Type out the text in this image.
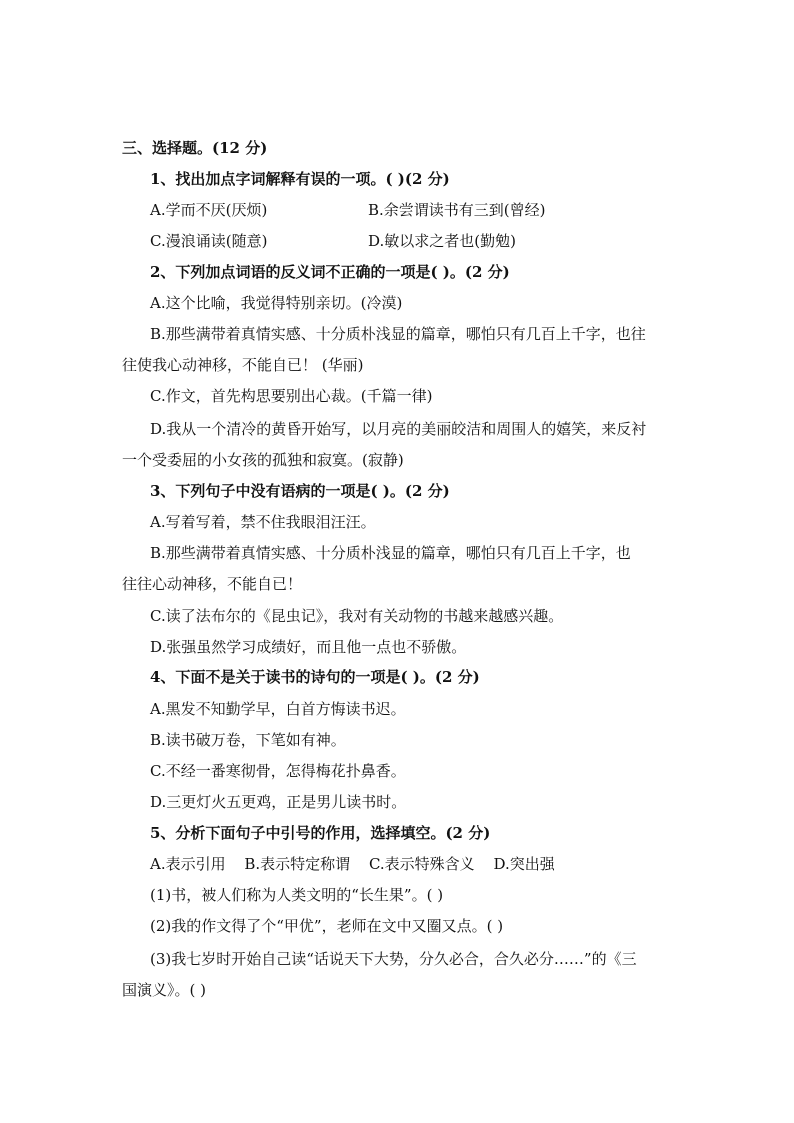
三、选择题。(12 分)
1、找出加点字词解释有误的一项。( )(2 分)
A.学而不厌(厌烦)	B.余尝谓读书有三到(曾经)
C.漫浪诵读(随意)	D.敏以求之者也(勤勉)
2、下列加点词语的反义词不正确的一项是( )。(2 分)
A.这个比喻，我觉得特别亲切。(冷漠)
B.那些满带着真情实感、十分质朴浅显的篇章，哪怕只有几百上千字，也往
往使我心动神移，不能自已！ (华丽)
C.作文，首先构思要别出心裁。(千篇一律)
D.我从一个清冷的黄昏开始写，以月亮的美丽皎洁和周围人的嬉笑，来反衬
一个受委屈的小女孩的孤独和寂寞。(寂静)
3、下列句子中没有语病的一项是( )。(2 分)
A.写着写着，禁不住我眼泪汪汪。
B.那些满带着真情实感、十分质朴浅显的篇章，哪怕只有几百上千字，也
往往心动神移，不能自已！
C.读了法布尔的《昆虫记》，我对有关动物的书越来越感兴趣。
D.张强虽然学习成绩好，而且他一点也不骄傲。
4、下面不是关于读书的诗句的一项是( )。(2 分)
A.黑发不知勤学早，白首方悔读书迟。
B.读书破万卷，下笔如有神。
C.不经一番寒彻骨，怎得梅花扑鼻香。
D.三更灯火五更鸡，正是男儿读书时。
5、分析下面句子中引号的作用，选择填空。(2 分)
A.表示引用 B.表示特定称谓 C.表示特殊含义 D.突出强
(1)书，被人们称为人类文明的“长生果”。( )
(2)我的作文得了个“甲优”，老师在文中又圈又点。( )
(3)我七岁时开始自己读“话说天下大势，分久必合，合久必分……”的《三
国演义》。( )
